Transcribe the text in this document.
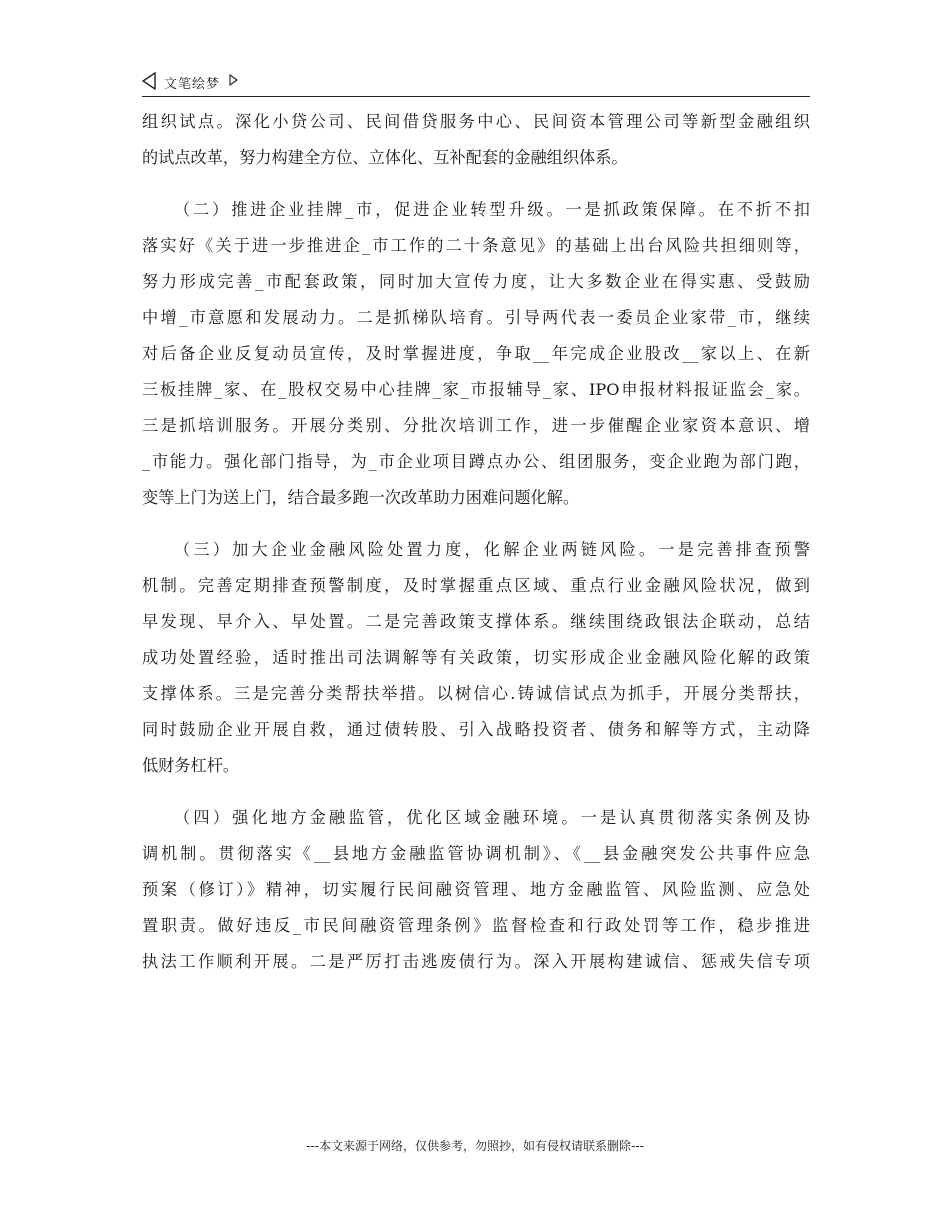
文笔绘梦
组织试点。深化小贷公司、民间借贷服务中心、民间资本管理公司等新型金融组织
的试点改革，努力构建全方位、立体化、互补配套的金融组织体系。
（二）推进企业挂牌_市，促进企业转型升级。一是抓政策保障。在不折不扣
落实好《关于进一步推进企_市工作的二十条意见》的基础上出台风险共担细则等，
努力形成完善_市配套政策，同时加大宣传力度，让大多数企业在得实惠、受鼓励
中增_市意愿和发展动力。二是抓梯队培育。引导两代表一委员企业家带_市，继续
对后备企业反复动员宣传，及时掌握进度，争取__年完成企业股改__家以上、在新
三板挂牌_家、在_股权交易中心挂牌_家_市报辅导_家、IPO申报材料报证监会_家。
三是抓培训服务。开展分类别、分批次培训工作，进一步催醒企业家资本意识、增
_市能力。强化部门指导，为_市企业项目蹲点办公、组团服务，变企业跑为部门跑，
变等上门为送上门，结合最多跑一次改革助力困难问题化解。
（三）加大企业金融风险处置力度，化解企业两链风险。一是完善排查预警
机制。完善定期排查预警制度，及时掌握重点区域、重点行业金融风险状况，做到
早发现、早介入、早处置。二是完善政策支撑体系。继续围绕政银法企联动，总结
成功处置经验，适时推出司法调解等有关政策，切实形成企业金融风险化解的政策
支撑体系。三是完善分类帮扶举措。以树信心.铸诚信试点为抓手，开展分类帮扶，
同时鼓励企业开展自救，通过债转股、引入战略投资者、债务和解等方式，主动降
低财务杠杆。
（四）强化地方金融监管，优化区域金融环境。一是认真贯彻落实条例及协
调机制。贯彻落实《__县地方金融监管协调机制》、《__县金融突发公共事件应急
预案（修订）》精神，切实履行民间融资管理、地方金融监管、风险监测、应急处
置职责。做好违反_市民间融资管理条例》监督检查和行政处罚等工作，稳步推进
执法工作顺利开展。二是严厉打击逃废债行为。深入开展构建诚信、惩戒失信专项
---本文来源于网络，仅供参考，勿照抄，如有侵权请联系删除---
